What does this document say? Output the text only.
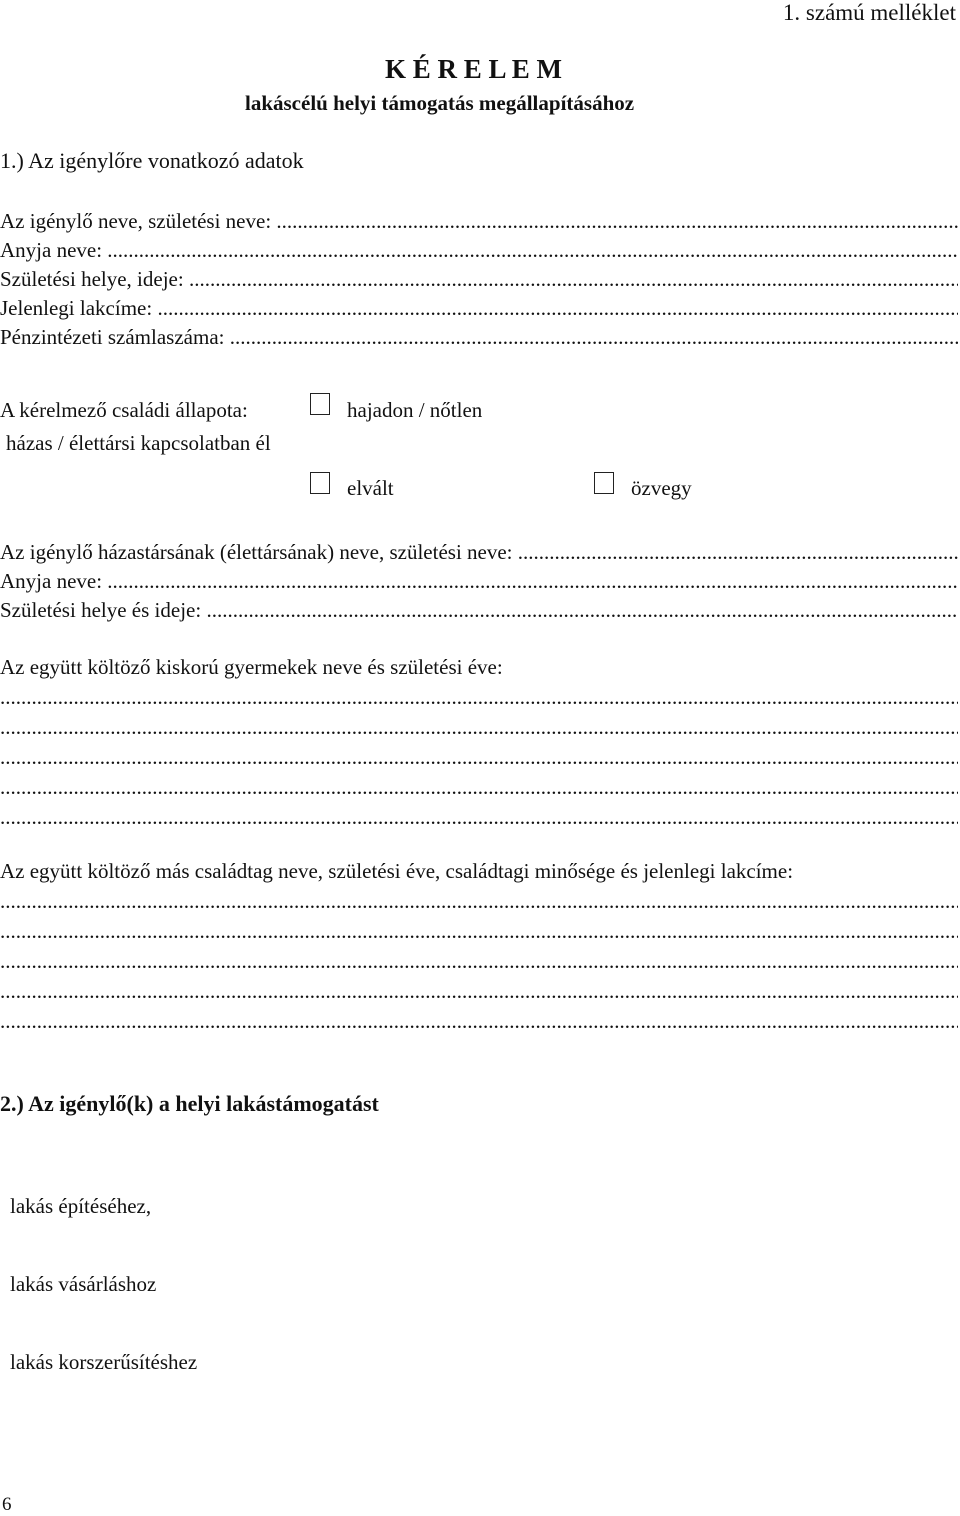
1. számú melléklet
K É R E L E M
lakáscélú helyi támogatás megállapításához
1.) Az igénylőre vonatkozó adatok
Az igénylő neve, születési neve:
.....
Anyja neve:
.....
Születési helye, ideje:
.....
Jelenlegi lakcíme:
.....
Pénzintézeti számlaszáma:
.....
A kérelmező családi állapota:	hajadon / nőtlen
házas / élettársi kapcsolatban él
elvált	özvegy
Az igénylő házastársának (élettársának) neve, születési neve:
.....
Anyja neve:
.....
Születési helye és ideje:
.....
Az együtt költöző kiskorú gyermekek neve és születési éve:
.....
.....
.....
.....
.....
Az együtt költöző más családtag neve, születési éve, családtagi minősége és jelenlegi lakcíme:
.....
.....
.....
.....
.....
2.) Az igénylő(k) a helyi lakástámogatást
lakás építéséhez,
lakás vásárláshoz
lakás korszerűsítéshez
6
